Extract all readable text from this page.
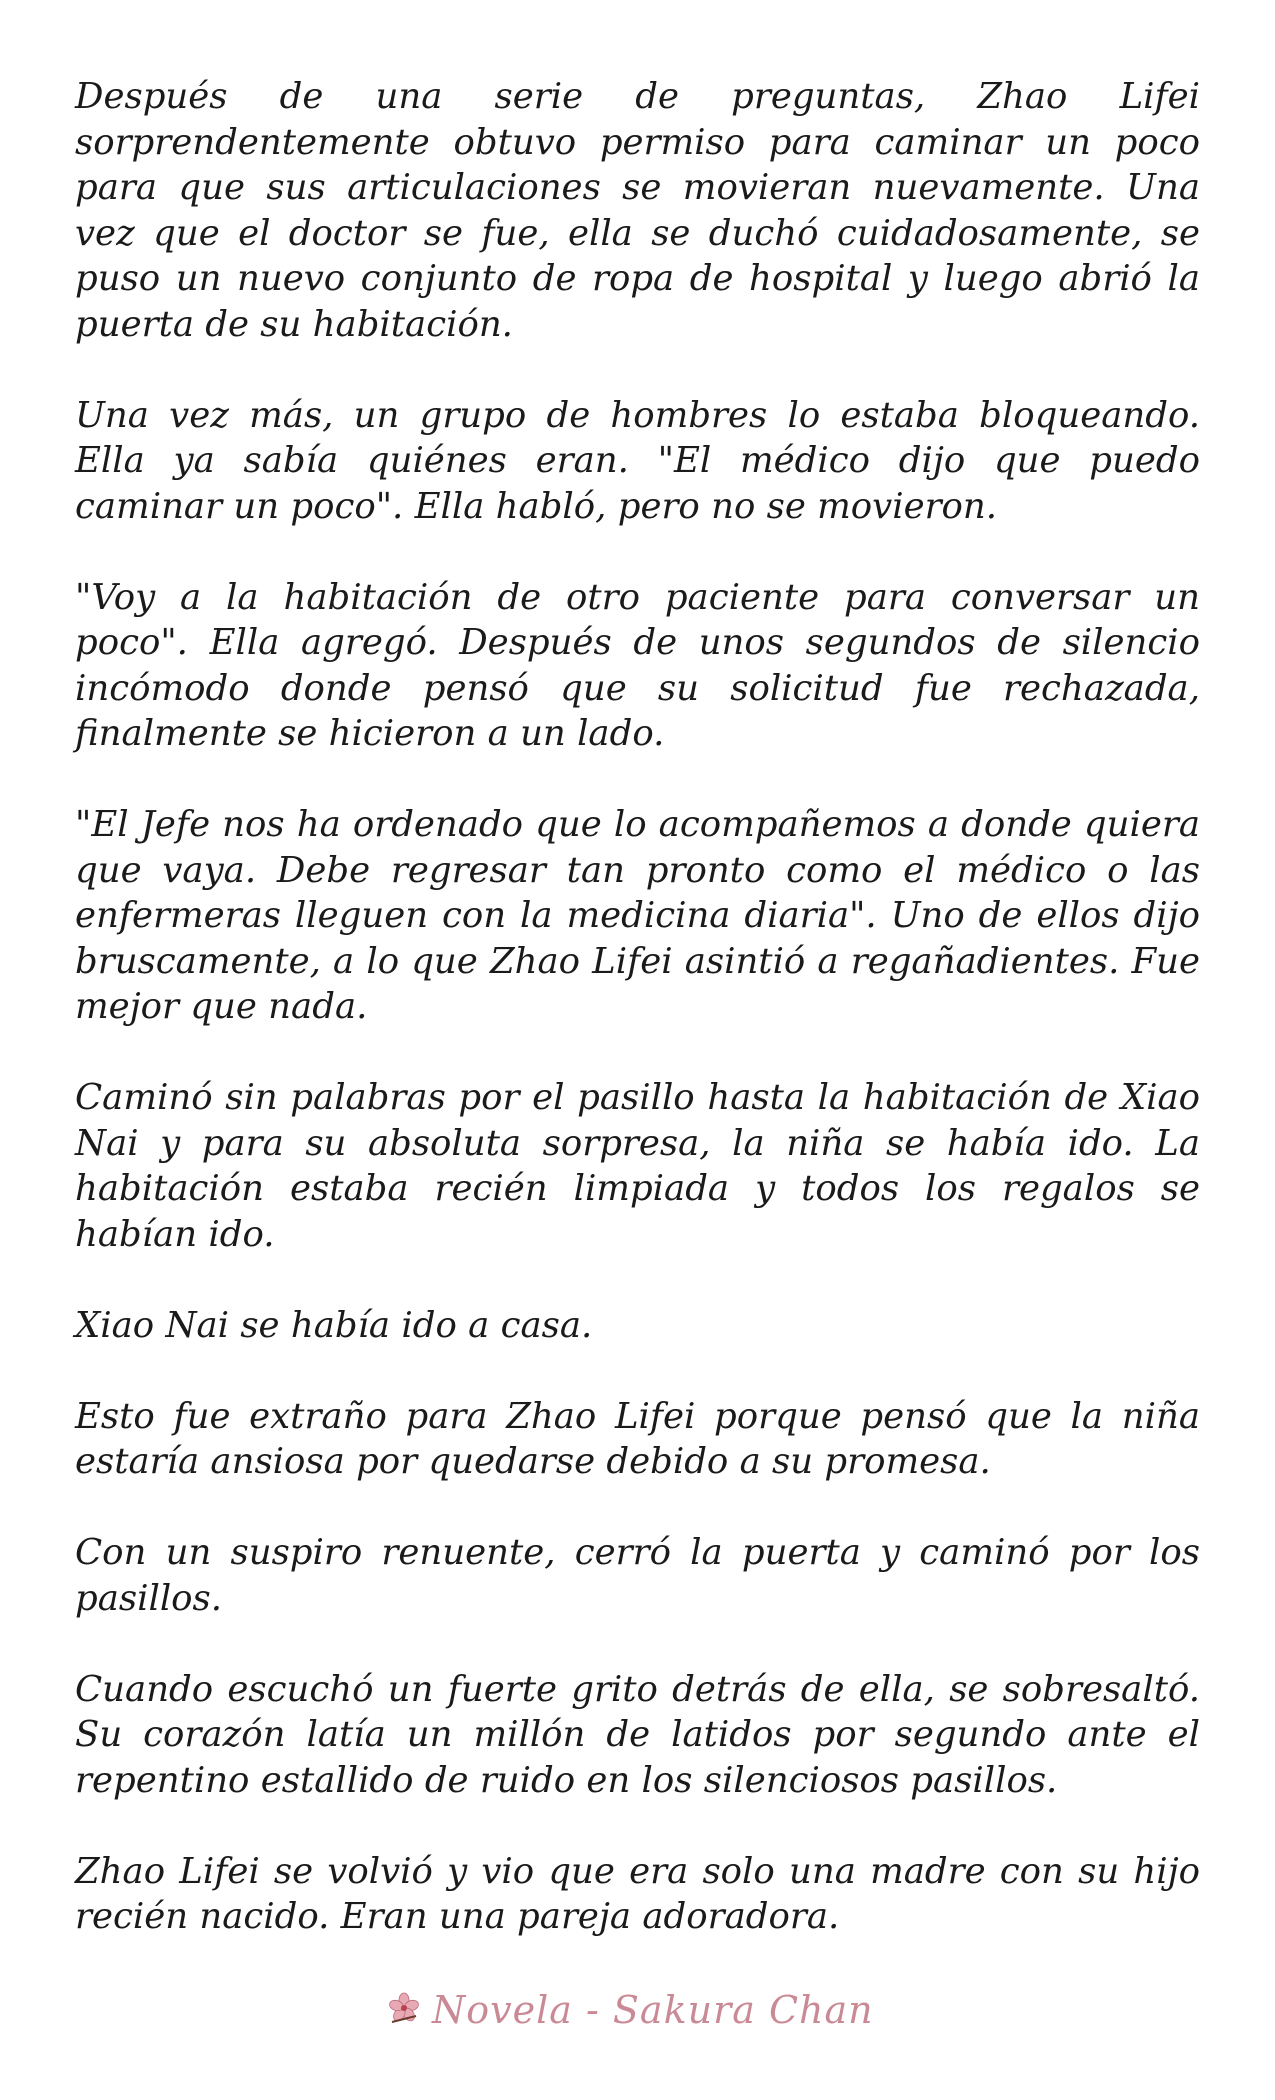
Después de una serie de preguntas, Zhao Lifei sorprendentemente obtuvo permiso para caminar un poco para que sus articulaciones se movieran nuevamente. Una vez que el doctor se fue, ella se duchó cuidadosamente, se puso un nuevo conjunto de ropa de hospital y luego abrió la puerta de su habitación.

Una vez más, un grupo de hombres lo estaba bloqueando. Ella ya sabía quiénes eran. "El médico dijo que puedo caminar un poco". Ella habló, pero no se movieron.

"Voy a la habitación de otro paciente para conversar un poco". Ella agregó. Después de unos segundos de silencio incómodo donde pensó que su solicitud fue rechazada, finalmente se hicieron a un lado.

"El Jefe nos ha ordenado que lo acompañemos a donde quiera que vaya. Debe regresar tan pronto como el médico o las enfermeras lleguen con la medicina diaria". Uno de ellos dijo bruscamente, a lo que Zhao Lifei asintió a regañadientes. Fue mejor que nada.

Caminó sin palabras por el pasillo hasta la habitación de Xiao Nai y para su absoluta sorpresa, la niña se había ido. La habitación estaba recién limpiada y todos los regalos se habían ido.

Xiao Nai se había ido a casa.

Esto fue extraño para Zhao Lifei porque pensó que la niña estaría ansiosa por quedarse debido a su promesa.

Con un suspiro renuente, cerró la puerta y caminó por los pasillos.

Cuando escuchó un fuerte grito detrás de ella, se sobresaltó. Su corazón latía un millón de latidos por segundo ante el repentino estallido de ruido en los silenciosos pasillos.

Zhao Lifei se volvió y vio que era solo una madre con su hijo recién nacido. Eran una pareja adoradora.

Novela - Sakura Chan
